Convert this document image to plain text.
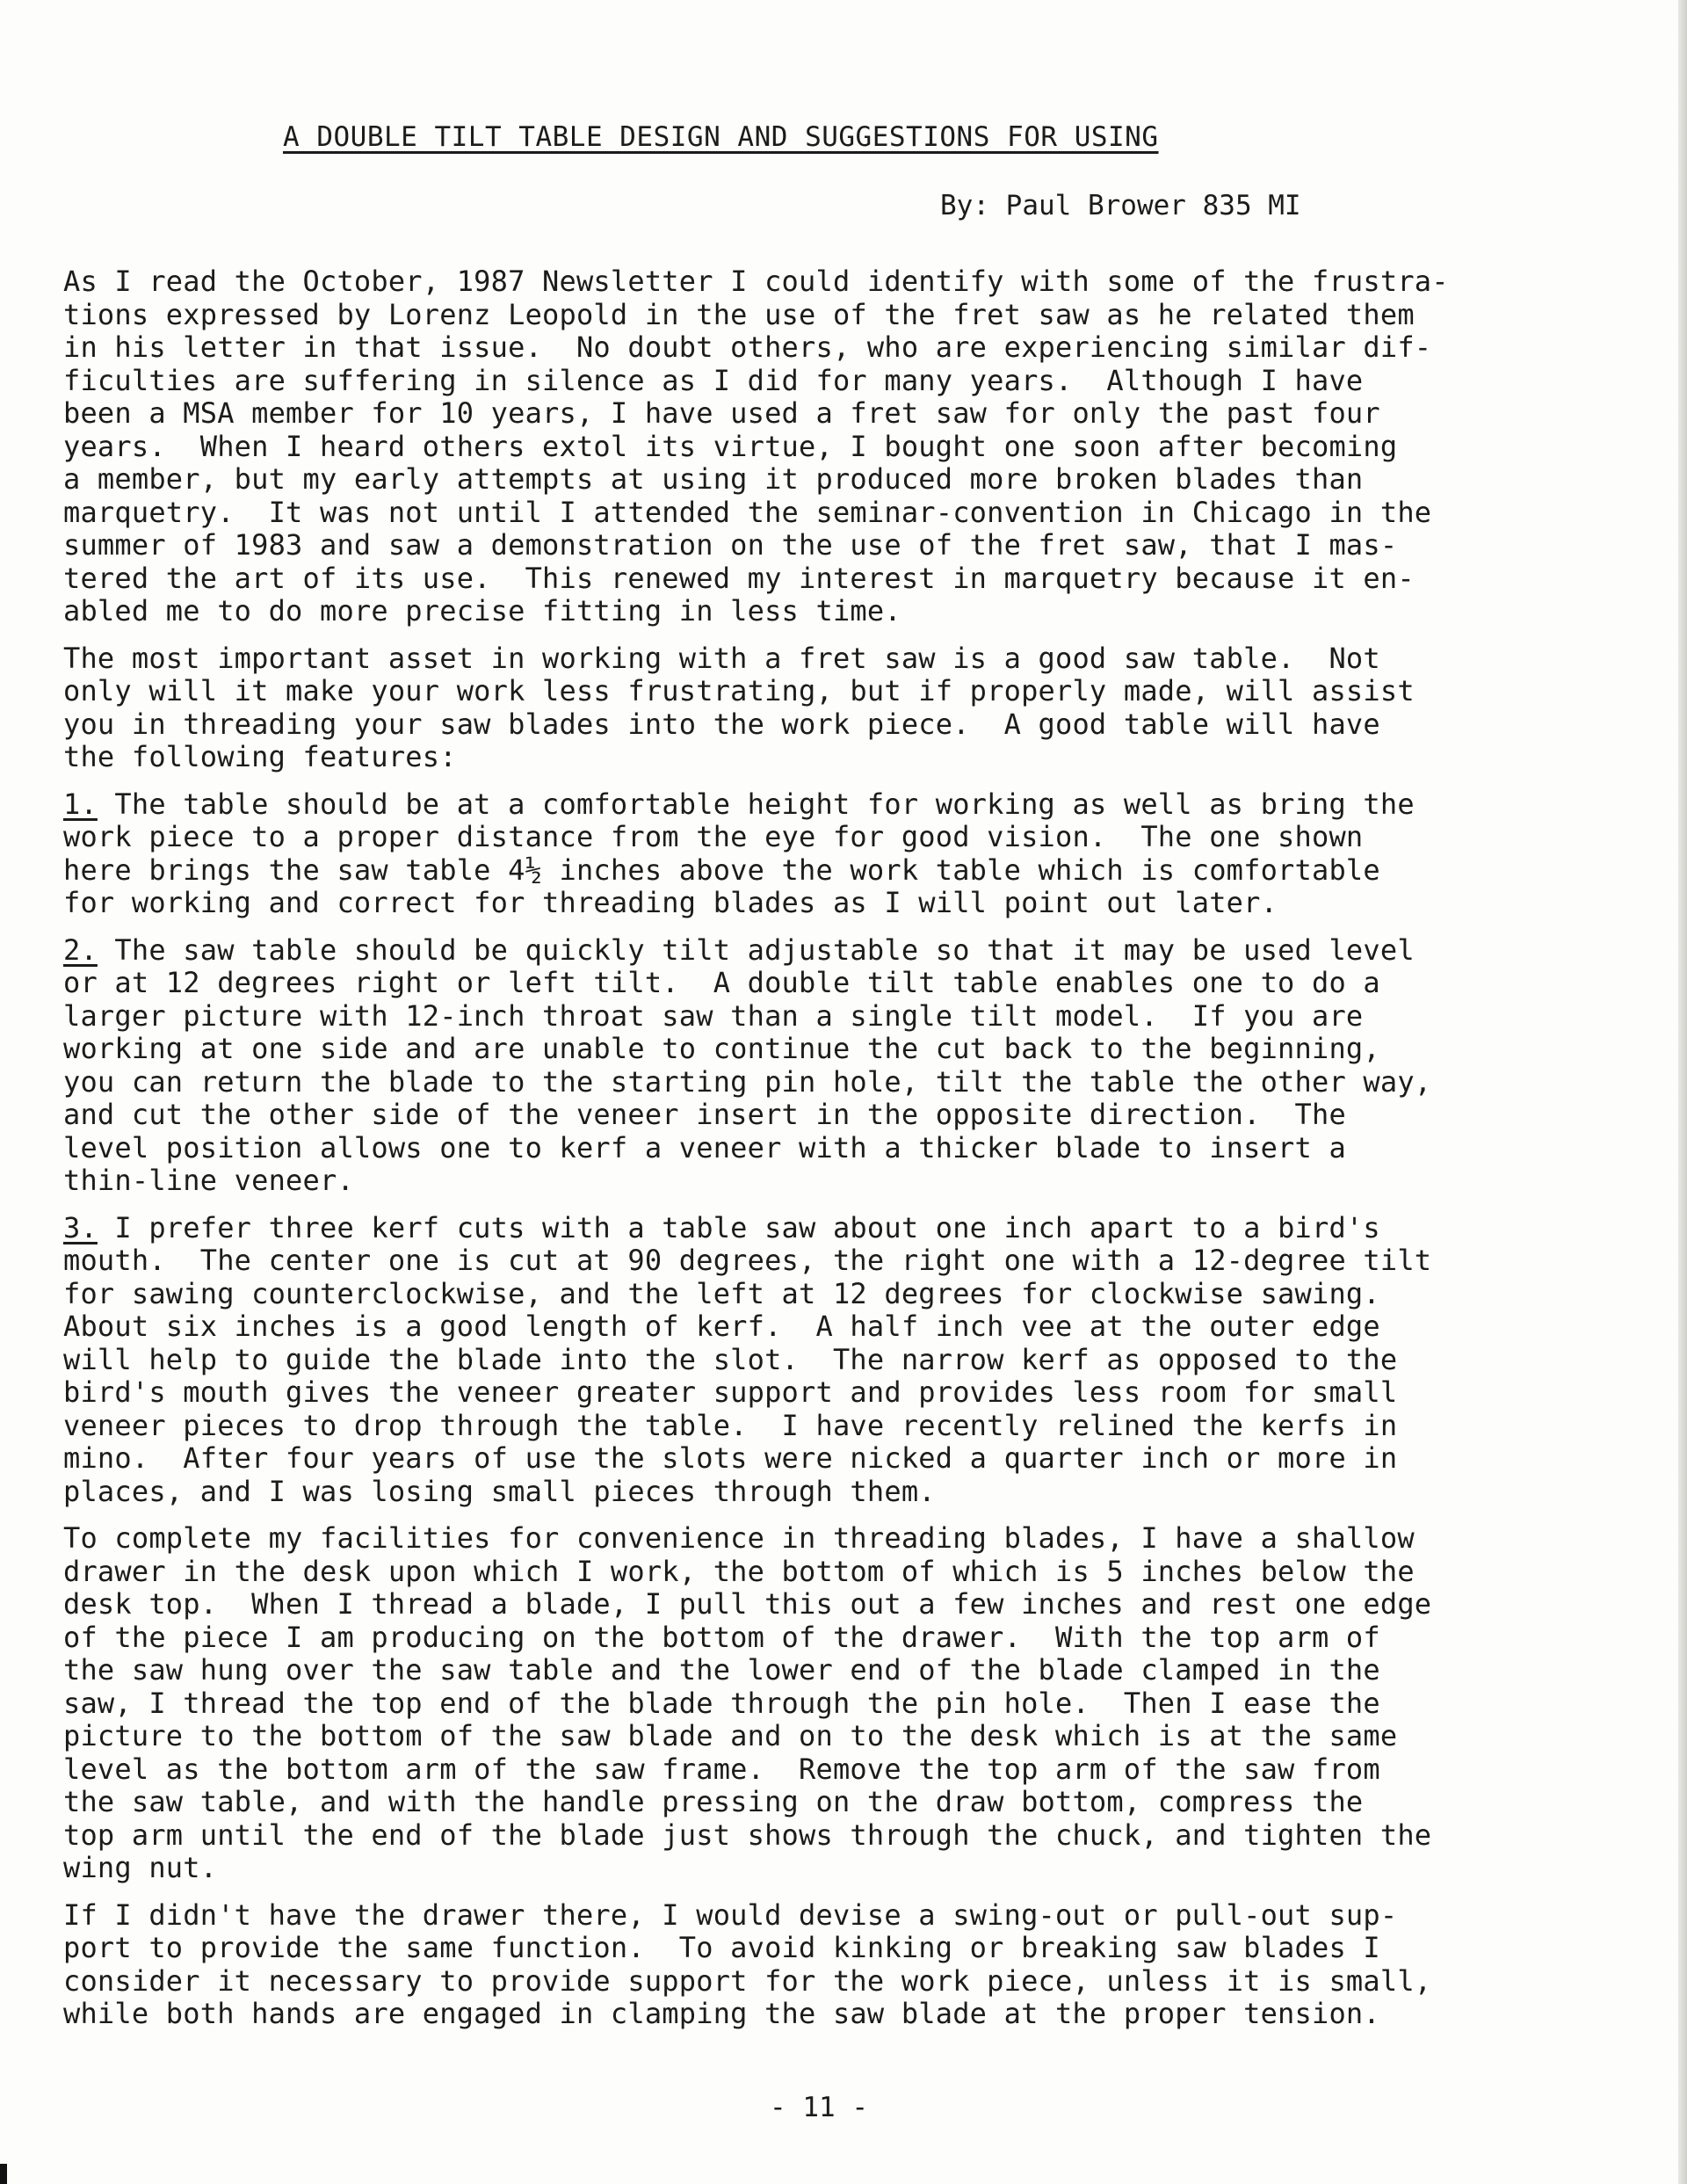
A DOUBLE TILT TABLE DESIGN AND SUGGESTIONS FOR USING
By: Paul Brower 835 MI
As I read the October, 1987 Newsletter I could identify with some of the frustra-
tions expressed by Lorenz Leopold in the use of the fret saw as he related them
in his letter in that issue.  No doubt others, who are experiencing similar dif-
ficulties are suffering in silence as I did for many years.  Although I have
been a MSA member for 10 years, I have used a fret saw for only the past four
years.  When I heard others extol its virtue, I bought one soon after becoming
a member, but my early attempts at using it produced more broken blades than
marquetry.  It was not until I attended the seminar-convention in Chicago in the
summer of 1983 and saw a demonstration on the use of the fret saw, that I mas-
tered the art of its use.  This renewed my interest in marquetry because it en-
abled me to do more precise fitting in less time.
The most important asset in working with a fret saw is a good saw table.  Not
only will it make your work less frustrating, but if properly made, will assist
you in threading your saw blades into the work piece.  A good table will have
the following features:
1. The table should be at a comfortable height for working as well as bring the
work piece to a proper distance from the eye for good vision.  The one shown
here brings the saw table 4½ inches above the work table which is comfortable
for working and correct for threading blades as I will point out later.
2. The saw table should be quickly tilt adjustable so that it may be used level
or at 12 degrees right or left tilt.  A double tilt table enables one to do a
larger picture with 12-inch throat saw than a single tilt model.  If you are
working at one side and are unable to continue the cut back to the beginning,
you can return the blade to the starting pin hole, tilt the table the other way,
and cut the other side of the veneer insert in the opposite direction.  The
level position allows one to kerf a veneer with a thicker blade to insert a
thin-line veneer.
3. I prefer three kerf cuts with a table saw about one inch apart to a bird's
mouth.  The center one is cut at 90 degrees, the right one with a 12-degree tilt
for sawing counterclockwise, and the left at 12 degrees for clockwise sawing.
About six inches is a good length of kerf.  A half inch vee at the outer edge
will help to guide the blade into the slot.  The narrow kerf as opposed to the
bird's mouth gives the veneer greater support and provides less room for small
veneer pieces to drop through the table.  I have recently relined the kerfs in
mino.  After four years of use the slots were nicked a quarter inch or more in
places, and I was losing small pieces through them.
To complete my facilities for convenience in threading blades, I have a shallow
drawer in the desk upon which I work, the bottom of which is 5 inches below the
desk top.  When I thread a blade, I pull this out a few inches and rest one edge
of the piece I am producing on the bottom of the drawer.  With the top arm of
the saw hung over the saw table and the lower end of the blade clamped in the
saw, I thread the top end of the blade through the pin hole.  Then I ease the
picture to the bottom of the saw blade and on to the desk which is at the same
level as the bottom arm of the saw frame.  Remove the top arm of the saw from
the saw table, and with the handle pressing on the draw bottom, compress the
top arm until the end of the blade just shows through the chuck, and tighten the
wing nut.
If I didn't have the drawer there, I would devise a swing-out or pull-out sup-
port to provide the same function.  To avoid kinking or breaking saw blades I
consider it necessary to provide support for the work piece, unless it is small,
while both hands are engaged in clamping the saw blade at the proper tension.
- 11 -
